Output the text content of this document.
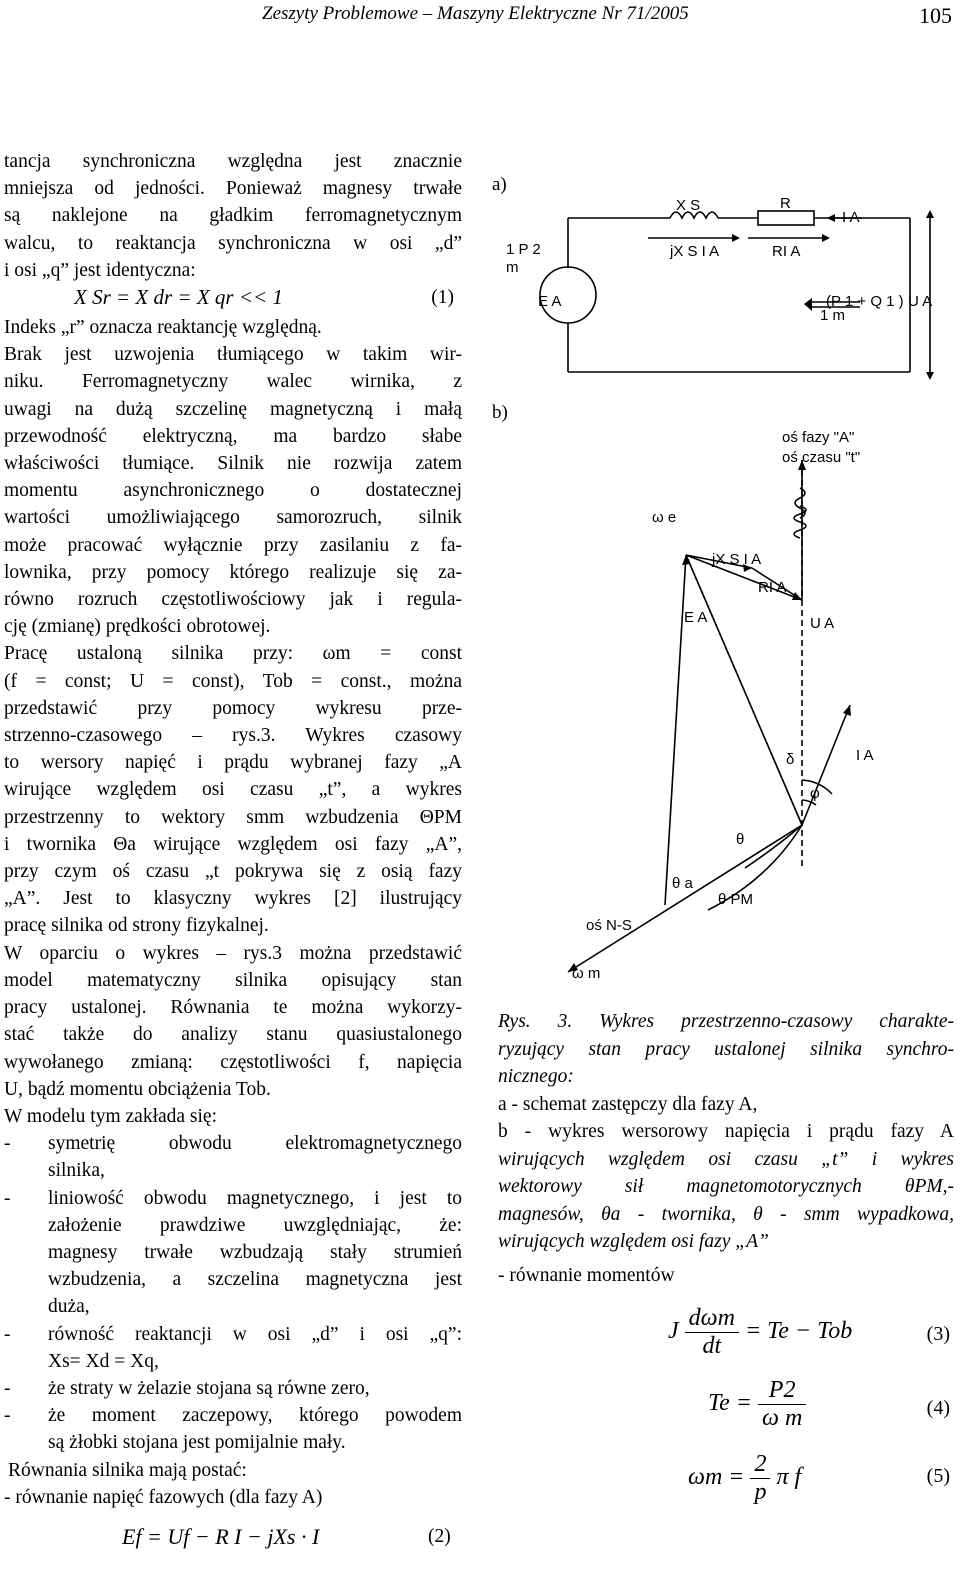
Zeszyty Problemowe – Maszyny Elektryczne Nr 71/2005	105

tancja synchroniczna względna jest znacznie
mniejsza od jedności. Ponieważ magnesy trwałe
są naklejone na gładkim ferromagnetycznym
walcu, to reaktancja synchroniczna w osi „d”
i osi „q” jest identyczna:

X Sr = X dr = X qr << 1	(1)

Indeks „r” oznacza reaktancję względną.
Brak jest uzwojenia tłumiącego w takim wir-
niku. Ferromagnetyczny walec wirnika, z
uwagi na dużą szczelinę magnetyczną i małą
przewodność elektryczną, ma bardzo słabe
właściwości tłumiące. Silnik nie rozwija zatem
momentu asynchronicznego o dostatecznej
wartości umożliwiającego samorozruch, silnik
może pracować wyłącznie przy zasilaniu z fa-
lownika, przy pomocy którego realizuje się za-
równo rozruch częstotliwościowy jak i regula-
cję (zmianę) prędkości obrotowej.

Pracę ustaloną silnika przy: ωm = const
(f = const; U = const), Tob = const., można
przedstawić przy pomocy wykresu prze-
strzenno-czasowego – rys.3. Wykres czasowy
to wersory napięć i prądu wybranej fazy „A
wirujące względem osi czasu „t”, a wykres
przestrzenny to wektory smm wzbudzenia ΘPM
i twornika Θa wirujące względem osi fazy „A”,
przy czym oś czasu „t pokrywa się z osią fazy
„A”. Jest to klasyczny wykres [2] ilustrujący
pracę silnika od strony fizykalnej.

W oparciu o wykres – rys.3 można przedstawić
model matematyczny silnika opisujący stan
pracy ustalonej. Równania te można wykorzy-
stać także do analizy stanu quasiustalonego
wywołanego zmianą: częstotliwości f, napięcia
U, bądź momentu obciążenia Tob.

W modelu tym zakłada się:

-	symetrię obwodu elektromagnetycznego
silnika,
-	liniowość obwodu magnetycznego, i jest to
założenie prawdziwe uwzględniając, że:
magnesy trwałe wzbudzają stały strumień
wzbudzenia, a szczelina magnetyczna jest
duża,
-	równość reaktancji w osi „d” i osi „q”:
Xs= Xd = Xq,
-	że straty w żelazie stojana są równe zero,
-	że moment zaczepowy, którego powodem
są żłobki stojana jest pomijalnie mały.

Równania silnika mają postać:

- równanie napięć fazowych (dla fazy A)

Ef = Uf − R I − jXs · I	(2)
a)
b)
X S	R
I A
1 P 2
m
jX S I A	RI A
E A	(P 1 + Q 1 )
1 m
U A
oś fazy "A"
oś czasu "t"
ω e
jX S I A
RI A
E A	U A
δ	I A
φ
θ
θ a
θ PM
oś N-S
ω m

Rys. 3. Wykres przestrzenno-czasowy charakte-

ryzujący stan pracy ustalonej silnika synchro-

nicznego:

a - schemat zastępczy dla fazy A,

b - wykres wersorowy napięcia i prądu fazy A

wirujących względem osi czasu „t” i wykres

wektorowy sił magnetomotorycznych θPM,-

magnesów, θa - twornika, θ - smm wypadkowa,

wirujących względem osi fazy „A”

- równanie momentów
J $\frac{\text{dωm}}{dt} = Te$ − Tob	(3)
$Te = \frac{P2}{\text{ω m}}$	(4)
$\omega m = \frac{2}{p}$ π f	(5)
